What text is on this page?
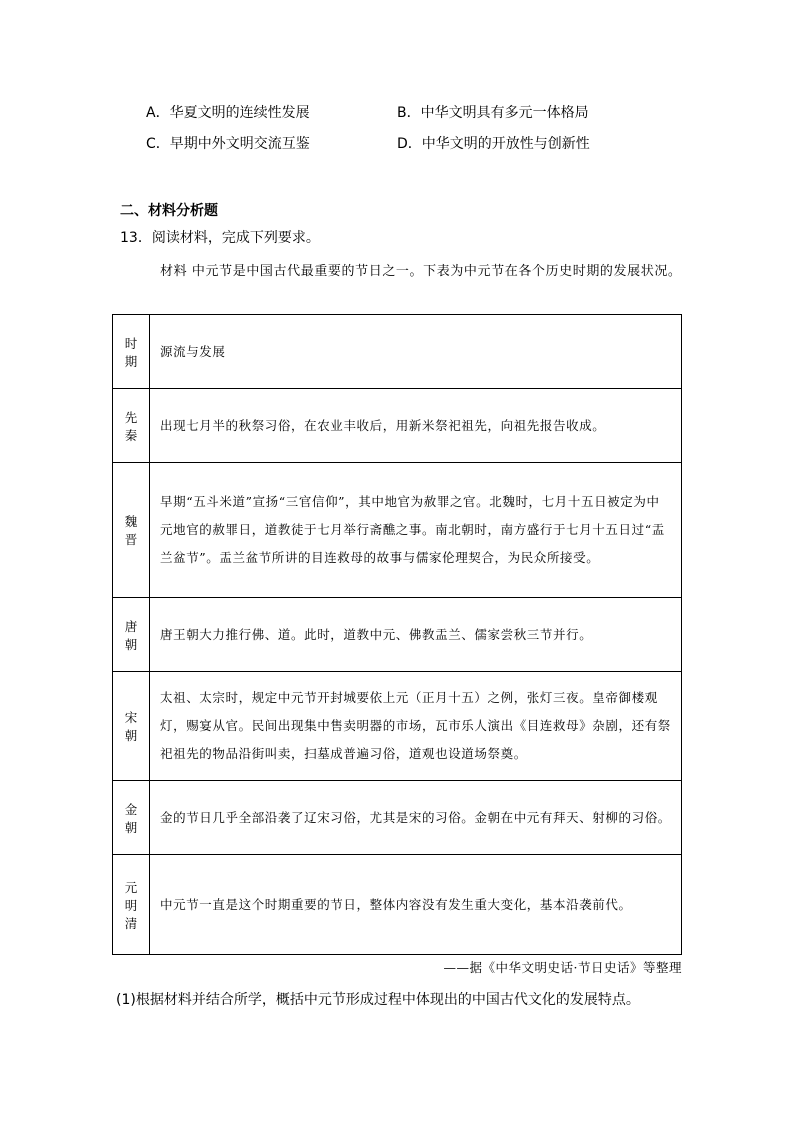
A．华夏文明的连续性发展	B．中华文明具有多元一体格局
C．早期中外文明交流互鉴	D．中华文明的开放性与创新性
二、材料分析题
13．阅读材料，完成下列要求。
材料 中元节是中国古代最重要的节日之一。下表为中元节在各个历史时期的发展状况。
时
期	源流与发展

先
秦	出现七月半的秋祭习俗，在农业丰收后，用新米祭祀祖先，向祖先报告收成。

魏
晋	早期“五斗米道”宣扬“三官信仰”，其中地官为赦罪之官。北魏时，七月十五日被定为中元地官的赦罪日，道教徒于七月举行斋醮之事。南北朝时，南方盛行于七月十五日过“盂兰盆节”。盂兰盆节所讲的目连救母的故事与儒家伦理契合，为民众所接受。

唐
朝	唐王朝大力推行佛、道。此时，道教中元、佛教盂兰、儒家尝秋三节并行。

宋
朝	太祖、太宗时，规定中元节开封城要依上元（正月十五）之例，张灯三夜。皇帝御楼观灯，赐宴从官。民间出现集中售卖明器的市场，瓦市乐人演出《目连救母》杂剧，还有祭祀祖先的物品沿街叫卖，扫墓成普遍习俗，道观也设道场祭奠。

金
朝	金的节日几乎全部沿袭了辽宋习俗，尤其是宋的习俗。金朝在中元有拜天、射柳的习俗。

元
明
清	中元节一直是这个时期重要的节日，整体内容没有发生重大变化，基本沿袭前代。
——据《中华文明史话·节日史话》等整理
(1)根据材料并结合所学，概括中元节形成过程中体现出的中国古代文化的发展特点。
